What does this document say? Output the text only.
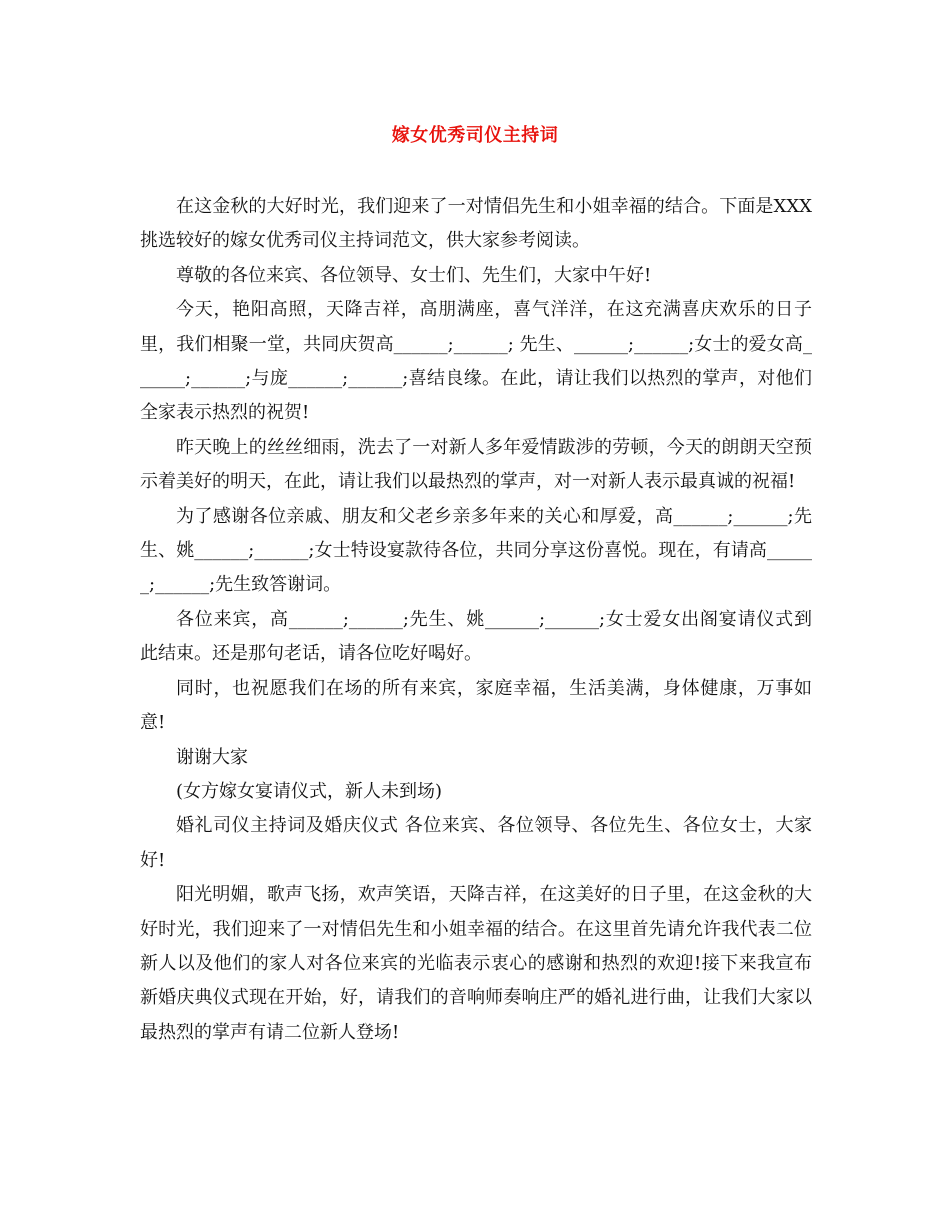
嫁女优秀司仪主持词

在这金秋的大好时光，我们迎来了一对情侣先生和小姐幸福的结合。下面是XXX挑选较好的嫁女优秀司仪主持词范文，供大家参考阅读。

尊敬的各位来宾、各位领导、女士们、先生们，大家中午好!

今天，艳阳高照，天降吉祥，高朋满座，喜气洋洋，在这充满喜庆欢乐的日子里，我们相聚一堂，共同庆贺高______;______; 先生、______;______;女士的爱女高______;______;与庞______;______;喜结良缘。在此，请让我们以热烈的掌声，对他们全家表示热烈的祝贺!

昨天晚上的丝丝细雨，洗去了一对新人多年爱情跋涉的劳顿，今天的朗朗天空预示着美好的明天，在此，请让我们以最热烈的掌声，对一对新人表示最真诚的祝福!

为了感谢各位亲戚、朋友和父老乡亲多年来的关心和厚爱，高______;______;先生、姚______;______;女士特设宴款待各位，共同分享这份喜悦。现在，有请高______;______;先生致答谢词。

各位来宾，高______;______;先生、姚______;______;女士爱女出阁宴请仪式到此结束。还是那句老话，请各位吃好喝好。

同时，也祝愿我们在场的所有来宾，家庭幸福，生活美满，身体健康，万事如意!

谢谢大家

(女方嫁女宴请仪式，新人未到场)

婚礼司仪主持词及婚庆仪式 各位来宾、各位领导、各位先生、各位女士，大家好!

阳光明媚，歌声飞扬，欢声笑语，天降吉祥，在这美好的日子里，在这金秋的大好时光，我们迎来了一对情侣先生和小姐幸福的结合。在这里首先请允许我代表二位新人以及他们的家人对各位来宾的光临表示衷心的感谢和热烈的欢迎!接下来我宣布新婚庆典仪式现在开始，好，请我们的音响师奏响庄严的婚礼进行曲，让我们大家以最热烈的掌声有请二位新人登场!
